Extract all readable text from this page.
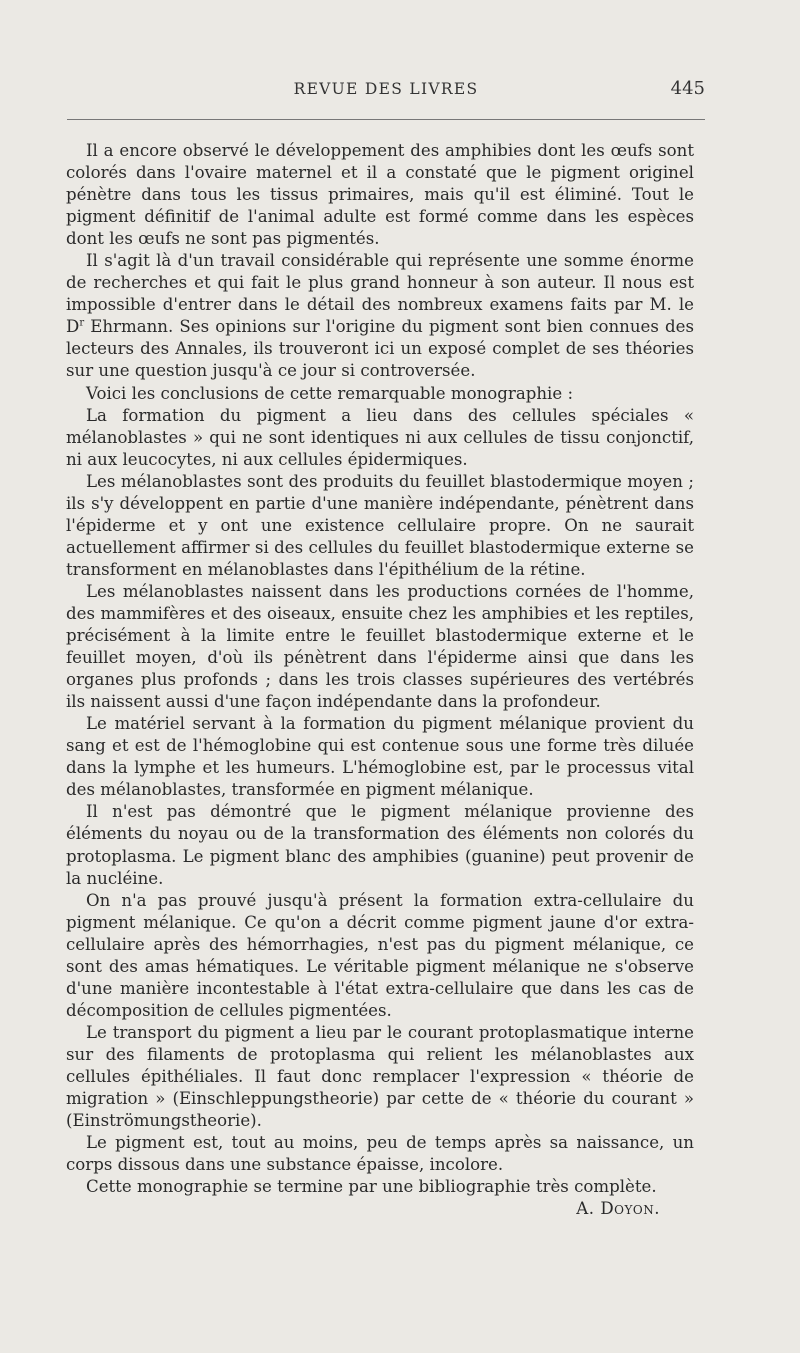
REVUE DES LIVRES	445

Il a encore observé le développement des amphibies dont les œufs sont colorés dans l'ovaire maternel et il a constaté que le pigment originel pénètre dans tous les tissus primaires, mais qu'il est éliminé. Tout le pigment définitif de l'animal adulte est formé comme dans les espèces dont les œufs ne sont pas pigmentés.

Il s'agit là d'un travail considérable qui représente une somme énorme de recherches et qui fait le plus grand honneur à son auteur. Il nous est impossible d'entrer dans le détail des nombreux examens faits par M. le $D^r$ Ehrmann. Ses opinions sur l'origine du pigment sont bien connues des lecteurs des Annales, ils trouveront ici un exposé complet de ses théories sur une question jusqu'à ce jour si controversée.

Voici les conclusions de cette remarquable monographie :

La formation du pigment a lieu dans des cellules spéciales « mélanoblastes » qui ne sont identiques ni aux cellules de tissu conjonctif, ni aux leucocytes, ni aux cellules épidermiques.

Les mélanoblastes sont des produits du feuillet blastodermique moyen ; ils s'y développent en partie d'une manière indépendante, pénètrent dans l'épiderme et y ont une existence cellulaire propre. On ne saurait actuellement affirmer si des cellules du feuillet blastodermique externe se transforment en mélanoblastes dans l'épithélium de la rétine.

Les mélanoblastes naissent dans les productions cornées de l'homme, des mammifères et des oiseaux, ensuite chez les amphibies et les reptiles, précisément à la limite entre le feuillet blastodermique externe et le feuillet moyen, d'où ils pénètrent dans l'épiderme ainsi que dans les organes plus profonds ; dans les trois classes supérieures des vertébrés ils naissent aussi d'une façon indépendante dans la profondeur.

Le matériel servant à la formation du pigment mélanique provient du sang et est de l'hémoglobine qui est contenue sous une forme très diluée dans la lymphe et les humeurs. L'hémoglobine est, par le processus vital des mélanoblastes, transformée en pigment mélanique.

Il n'est pas démontré que le pigment mélanique provienne des éléments du noyau ou de la transformation des éléments non colorés du protoplasma. Le pigment blanc des amphibies (guanine) peut provenir de la nucléine.

On n'a pas prouvé jusqu'à présent la formation extra-cellulaire du pigment mélanique. Ce qu'on a décrit comme pigment jaune d'or extra-cellulaire après des hémorrhagies, n'est pas du pigment mélanique, ce sont des amas hématiques. Le véritable pigment mélanique ne s'observe d'une manière incontestable à l'état extra-cellulaire que dans les cas de décomposition de cellules pigmentées.

Le transport du pigment a lieu par le courant protoplasmatique interne sur des filaments de protoplasma qui relient les mélanoblastes aux cellules épithéliales. Il faut donc remplacer l'expression « théorie de migration » (Einschleppungstheorie) par cette de « théorie du courant » (Einströmungstheorie).

Le pigment est, tout au moins, peu de temps après sa naissance, un corps dissous dans une substance épaisse, incolore.

Cette monographie se termine par une bibliographie très complète.

A. Doyon.
